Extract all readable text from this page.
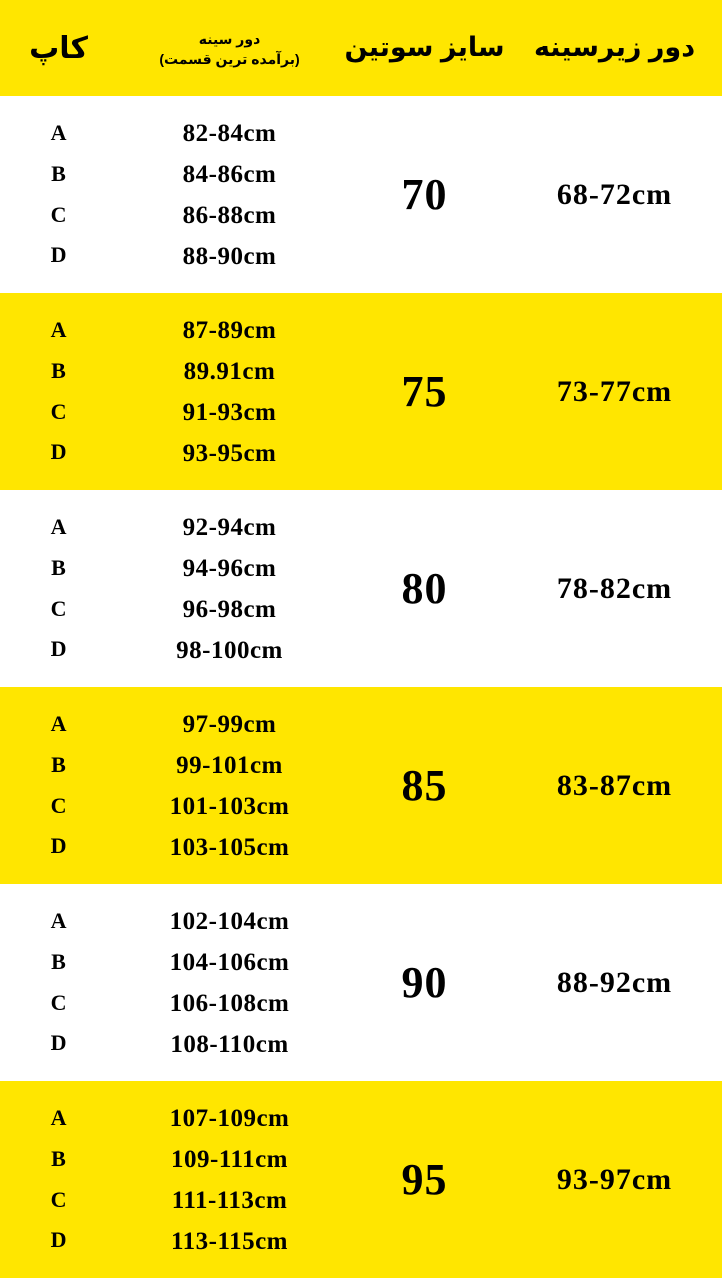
دور زیرسینه
سایز سوتین
دور سینه
(برآمده ترین قسمت)
کاپ
68-72cm
70
82-84cm
84-86cm
86-88cm
88-90cm
A
B
C
D
73-77cm
75
87-89cm
89.91cm
91-93cm
93-95cm
A
B
C
D
78-82cm
80
92-94cm
94-96cm
96-98cm
98-100cm
A
B
C
D
83-87cm
85
97-99cm
99-101cm
101-103cm
103-105cm
A
B
C
D
88-92cm
90
102-104cm
104-106cm
106-108cm
108-110cm
A
B
C
D
93-97cm
95
107-109cm
109-111cm
111-113cm
113-115cm
A
B
C
D
